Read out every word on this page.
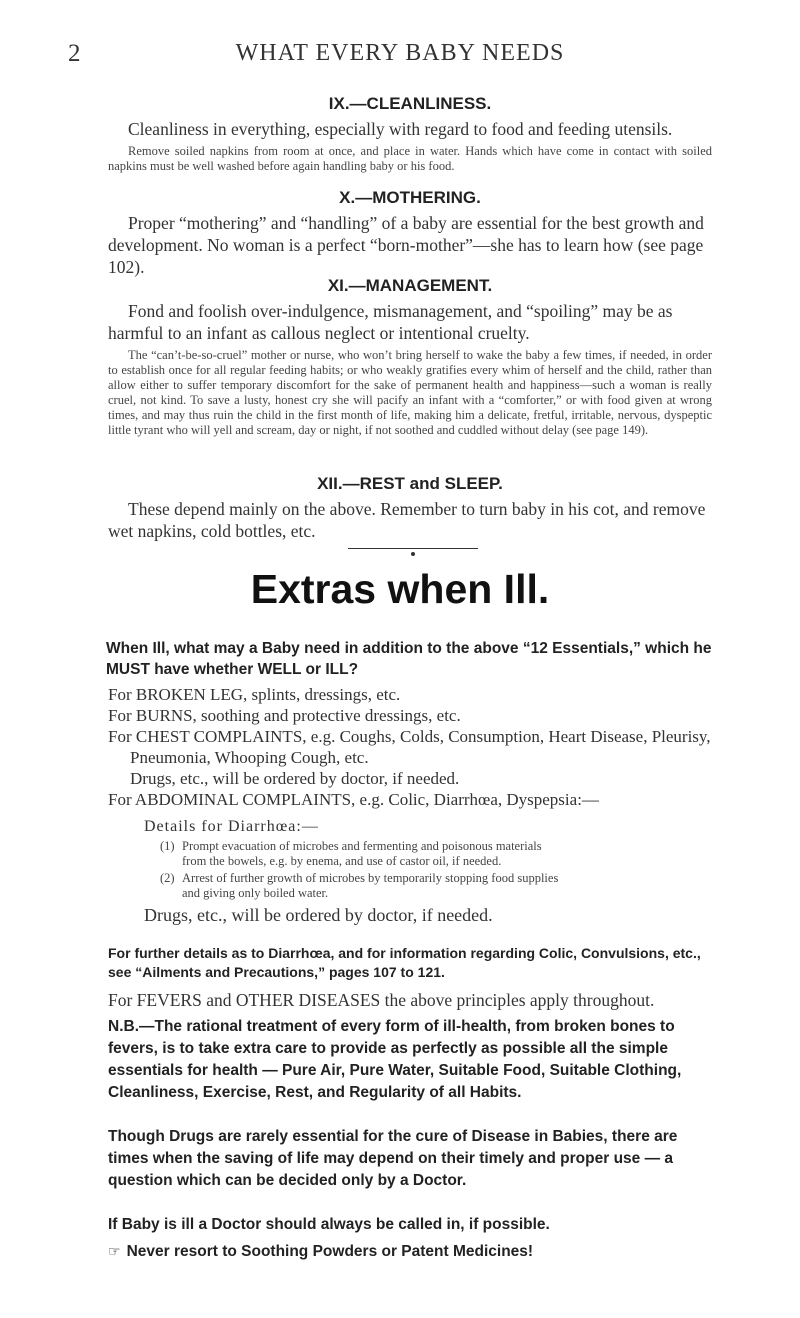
2	WHAT EVERY BABY NEEDS
IX.—CLEANLINESS.

Cleanliness in everything, especially with regard to food and feeding utensils.

Remove soiled napkins from room at once, and place in water. Hands which have come in contact with soiled napkins must be well washed before again handling baby or his food.

X.—MOTHERING.

Proper “mothering” and “handling” of a baby are essential for the best growth and development. No woman is a perfect “born-mother”—she has to learn how (see page 102).

XI.—MANAGEMENT.

Fond and foolish over-indulgence, mismanagement, and “spoiling” may be as harmful to an infant as callous neglect or intentional cruelty.

The “can’t-be-so-cruel” mother or nurse, who won’t bring herself to wake the baby a few times, if needed, in order to establish once for all regular feeding habits; or who weakly gratifies every whim of herself and the child, rather than allow either to suffer temporary discomfort for the sake of permanent health and happiness—such a woman is really cruel, not kind. To save a lusty, honest cry she will pacify an infant with a “comforter,” or with food given at wrong times, and may thus ruin the child in the first month of life, making him a delicate, fretful, irritable, nervous, dyspeptic little tyrant who will yell and scream, day or night, if not soothed and cuddled without delay (see page 149).

XII.—REST and SLEEP.

These depend mainly on the above. Remember to turn baby in his cot, and remove wet napkins, cold bottles, etc.

Extras when Ill.
When Ill, what may a Baby need in addition to the above “12 Essentials,” which he MUST have whether WELL or ILL?

For BROKEN LEG, splints, dressings, etc.

For BURNS, soothing and protective dressings, etc.

For CHEST COMPLAINTS, e.g. Coughs, Colds, Consumption, Heart Disease, Pleurisy, Pneumonia, Whooping Cough, etc.

Drugs, etc., will be ordered by doctor, if needed.

For ABDOMINAL COMPLAINTS, e.g. Colic, Diarrhœa, Dyspepsia:—

Details for Diarrhœa:—
(1) Prompt evacuation of microbes and fermenting and poisonous materials
from the bowels, e.g. by enema, and use of castor oil, if needed.
(2) Arrest of further growth of microbes by temporarily stopping food supplies
and giving only boiled water.

Drugs, etc., will be ordered by doctor, if needed.

For further details as to Diarrhœa, and for information regarding Colic, Convulsions, etc., see “Ailments and Precautions,” pages 107 to 121.
For FEVERS and OTHER DISEASES the above principles apply throughout.
N.B.—The rational treatment of every form of ill-health, from broken bones to fevers, is to take extra care to provide as perfectly as possible all the simple essentials for health — Pure Air, Pure Water, Suitable Food, Suitable Clothing, Cleanliness, Exercise, Rest, and Regularity of all Habits.
Though Drugs are rarely essential for the cure of Disease in Babies, there are times when the saving of life may depend on their timely and proper use — a question which can be decided only by a Doctor.
If Baby is ill a Doctor should always be called in, if possible.
☞ Never resort to Soothing Powders or Patent Medicines!
